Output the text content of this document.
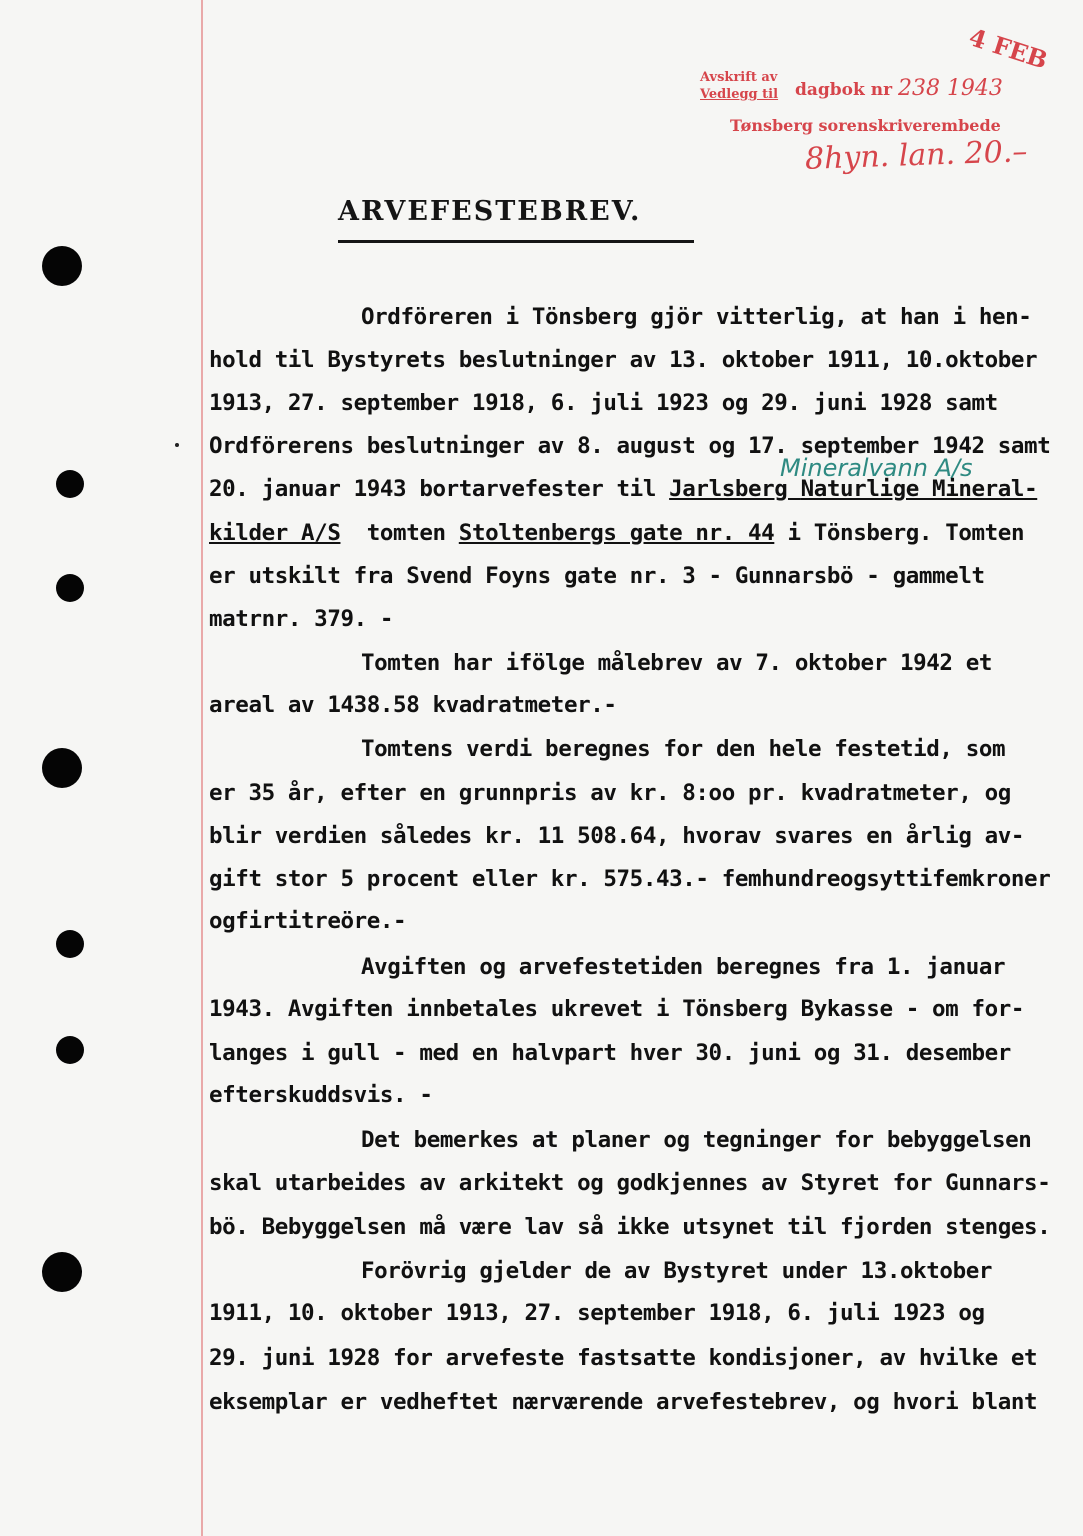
Avskrift av
Vedlegg til dagbok nr 238 1943
Tønsberg sorenskriverembede
8hyn. lan. 20.–
4 FEB
ARVEFESTEBREV.
Mineralvann A/s
Ordföreren i Tönsberg gjör vitterlig, at han i hen-
hold til Bystyrets beslutninger av 13. oktober 1911, 10.oktober
1913, 27. september 1918, 6. juli 1923 og 29. juni 1928 samt
Ordförerens beslutninger av 8. august og 17. september 1942 samt
20. januar 1943 bortarvefester til Jarlsberg Naturlige Mineral-
kilder A/S  tomten Stoltenbergs gate nr. 44 i Tönsberg. Tomten
er utskilt fra Svend Foyns gate nr. 3 - Gunnarsbö - gammelt
matrnr. 379. -
Tomten har ifölge målebrev av 7. oktober 1942 et
areal av 1438.58 kvadratmeter.-
Tomtens verdi beregnes for den hele festetid, som
er 35 år, efter en grunnpris av kr. 8:oo pr. kvadratmeter, og
blir verdien således kr. 11 508.64, hvorav svares en årlig av-
gift stor 5 procent eller kr. 575.43.- femhundreogsyttifemkroner
ogfirtitreöre.-
Avgiften og arvefestetiden beregnes fra 1. januar
1943. Avgiften innbetales ukrevet i Tönsberg Bykasse - om for-
langes i gull - med en halvpart hver 30. juni og 31. desember
efterskuddsvis. -
Det bemerkes at planer og tegninger for bebyggelsen
skal utarbeides av arkitekt og godkjennes av Styret for Gunnars-
bö. Bebyggelsen må være lav så ikke utsynet til fjorden stenges.
Forövrig gjelder de av Bystyret under 13.oktober
1911, 10. oktober 1913, 27. september 1918, 6. juli 1923 og
29. juni 1928 for arvefeste fastsatte kondisjoner, av hvilke et
eksemplar er vedheftet nærværende arvefestebrev, og hvori blant
